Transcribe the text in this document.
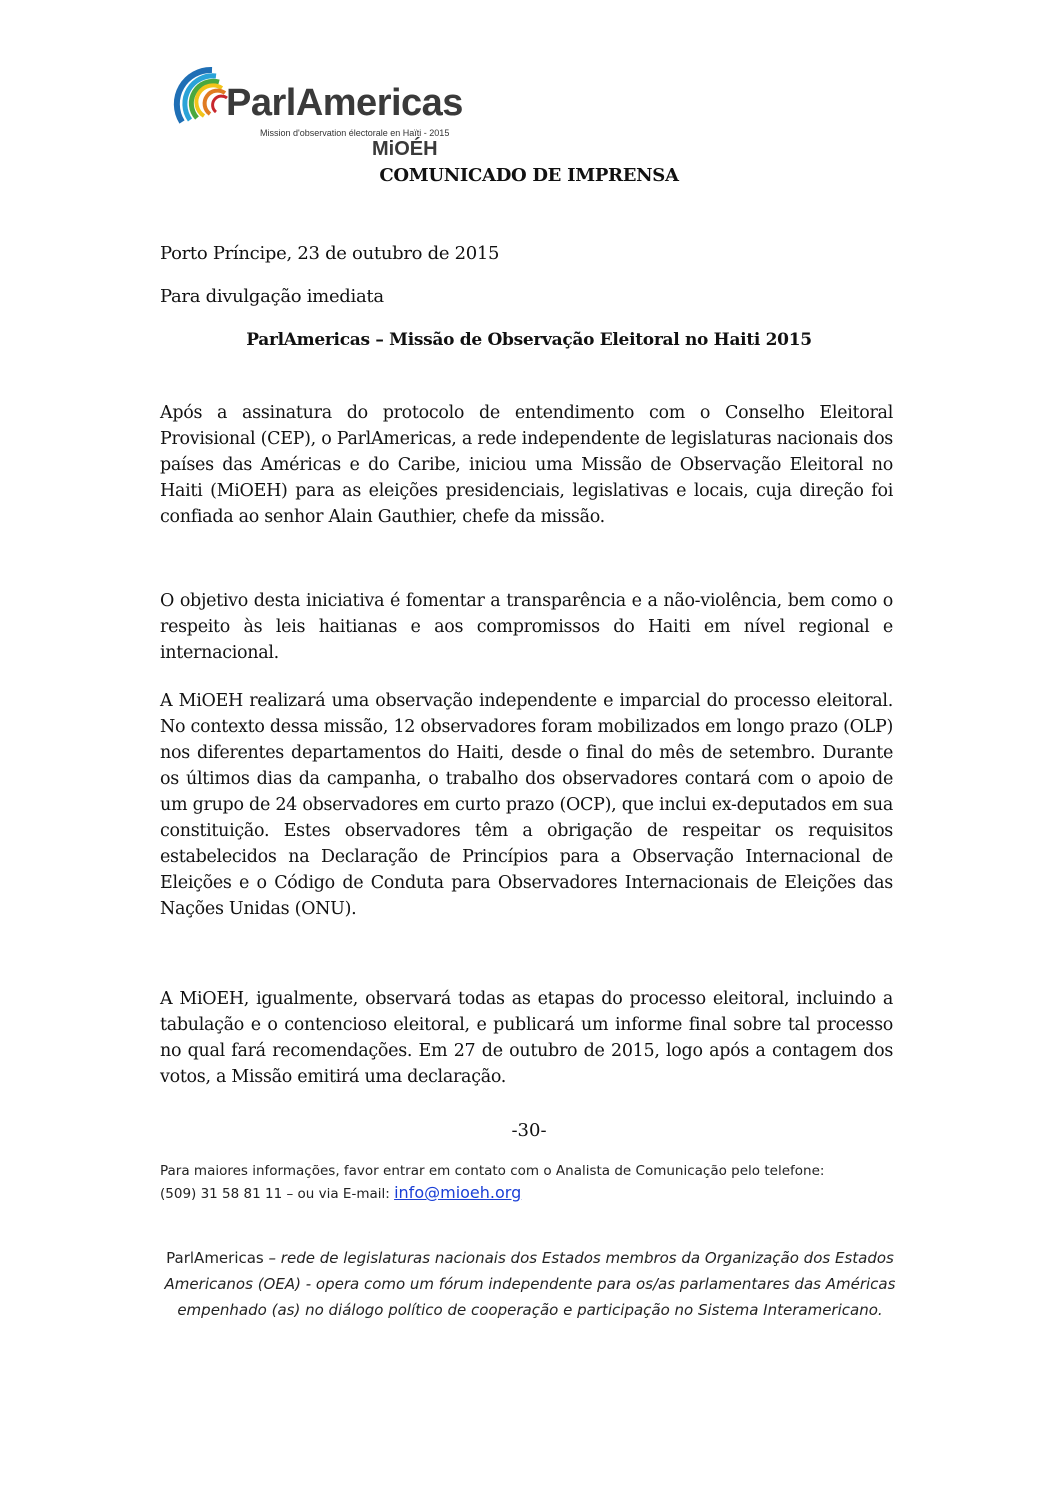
ParlAmericas
Mission d'observation électorale en Haïti - 2015
MiOÉH
COMUNICADO DE IMPRENSA
Porto Príncipe, 23 de outubro de 2015
Para divulgação imediata
ParlAmericas – Missão de Observação Eleitoral no Haiti 2015

Após a assinatura do protocolo de entendimento com o Conselho Eleitoral Provisional (CEP), o ParlAmericas, a rede independente de legislaturas nacionais dos países das Américas e do Caribe, iniciou uma Missão de Observação Eleitoral no Haiti (MiOEH) para as eleições presidenciais, legislativas e locais, cuja direção foi confiada ao senhor Alain Gauthier, chefe da missão.

O objetivo desta iniciativa é fomentar a transparência e a não-violência, bem como o respeito às leis haitianas e aos compromissos do Haiti em nível regional e internacional.

A MiOEH realizará uma observação independente e imparcial do processo eleitoral. No contexto dessa missão, 12 observadores foram mobilizados em longo prazo (OLP) nos diferentes departamentos do Haiti, desde o final do mês de setembro. Durante os últimos dias da campanha, o trabalho dos observadores contará com o apoio de um grupo de 24 observadores em curto prazo (OCP), que inclui ex-deputados em sua constituição. Estes observadores têm a obrigação de respeitar os requisitos estabelecidos na Declaração de Princípios para a Observação Internacional de Eleições e o Código de Conduta para Observadores Internacionais de Eleições das Nações Unidas (ONU).

A MiOEH, igualmente, observará todas as etapas do processo eleitoral, incluindo a tabulação e o contencioso eleitoral, e publicará um informe final sobre tal processo no qual fará recomendações. Em 27 de outubro de 2015, logo após a contagem dos votos, a Missão emitirá uma declaração.

-30-
Para maiores informações, favor entrar em contato com o Analista de Comunicação pelo telefone:
(509) 31 58 81 11 – ou via E-mail: info@mioeh.org
ParlAmericas – rede de legislaturas nacionais dos Estados membros da Organização dos Estados Americanos (OEA) - opera como um fórum independente para os/as parlamentares das Américas empenhado (as) no diálogo político de cooperação e participação no Sistema Interamericano.
